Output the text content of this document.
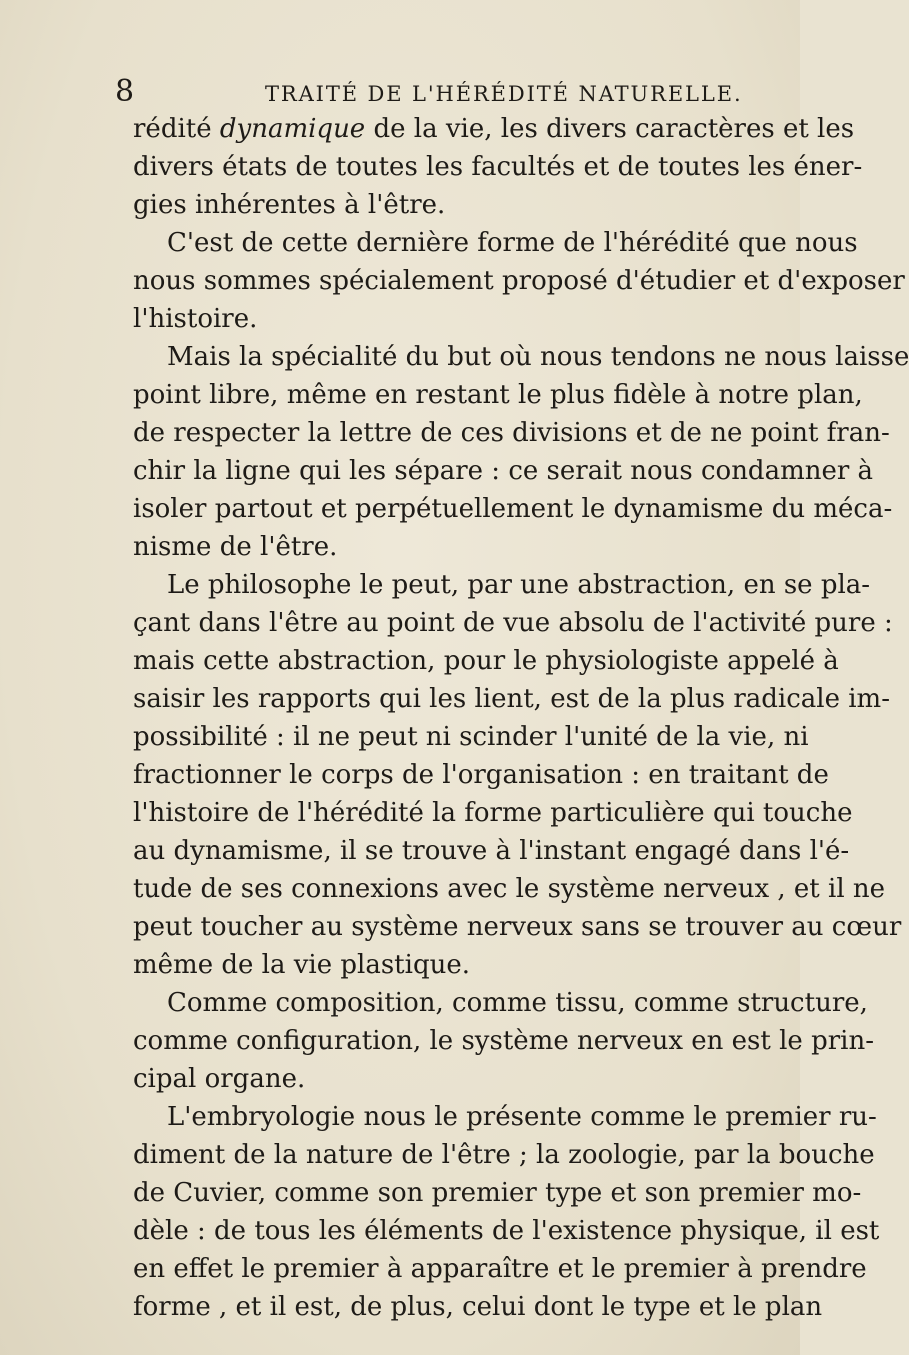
8	TRAITÉ DE L'HÉRÉDITÉ NATURELLE.
rédité dynamique de la vie, les divers caractères et les
divers états de toutes les facultés et de toutes les éner-
gies inhérentes à l'être.
C'est de cette dernière forme de l'hérédité que nous
nous sommes spécialement proposé d'étudier et d'exposer
l'histoire.
Mais la spécialité du but où nous tendons ne nous laisse
point libre, même en restant le plus fidèle à notre plan,
de respecter la lettre de ces divisions et de ne point fran-
chir la ligne qui les sépare : ce serait nous condamner à
isoler partout et perpétuellement le dynamisme du méca-
nisme de l'être.
Le philosophe le peut, par une abstraction, en se pla-
çant dans l'être au point de vue absolu de l'activité pure :
mais cette abstraction, pour le physiologiste appelé à
saisir les rapports qui les lient, est de la plus radicale im-
possibilité : il ne peut ni scinder l'unité de la vie, ni
fractionner le corps de l'organisation : en traitant de
l'histoire de l'hérédité la forme particulière qui touche
au dynamisme, il se trouve à l'instant engagé dans l'é-
tude de ses connexions avec le système nerveux , et il ne
peut toucher au système nerveux sans se trouver au cœur
même de la vie plastique.
Comme composition, comme tissu, comme structure,
comme configuration, le système nerveux en est le prin-
cipal organe.
L'embryologie nous le présente comme le premier ru-
diment de la nature de l'être ; la zoologie, par la bouche
de Cuvier, comme son premier type et son premier mo-
dèle : de tous les éléments de l'existence physique, il est
en effet le premier à apparaître et le premier à prendre
forme , et il est, de plus, celui dont le type et le plan
